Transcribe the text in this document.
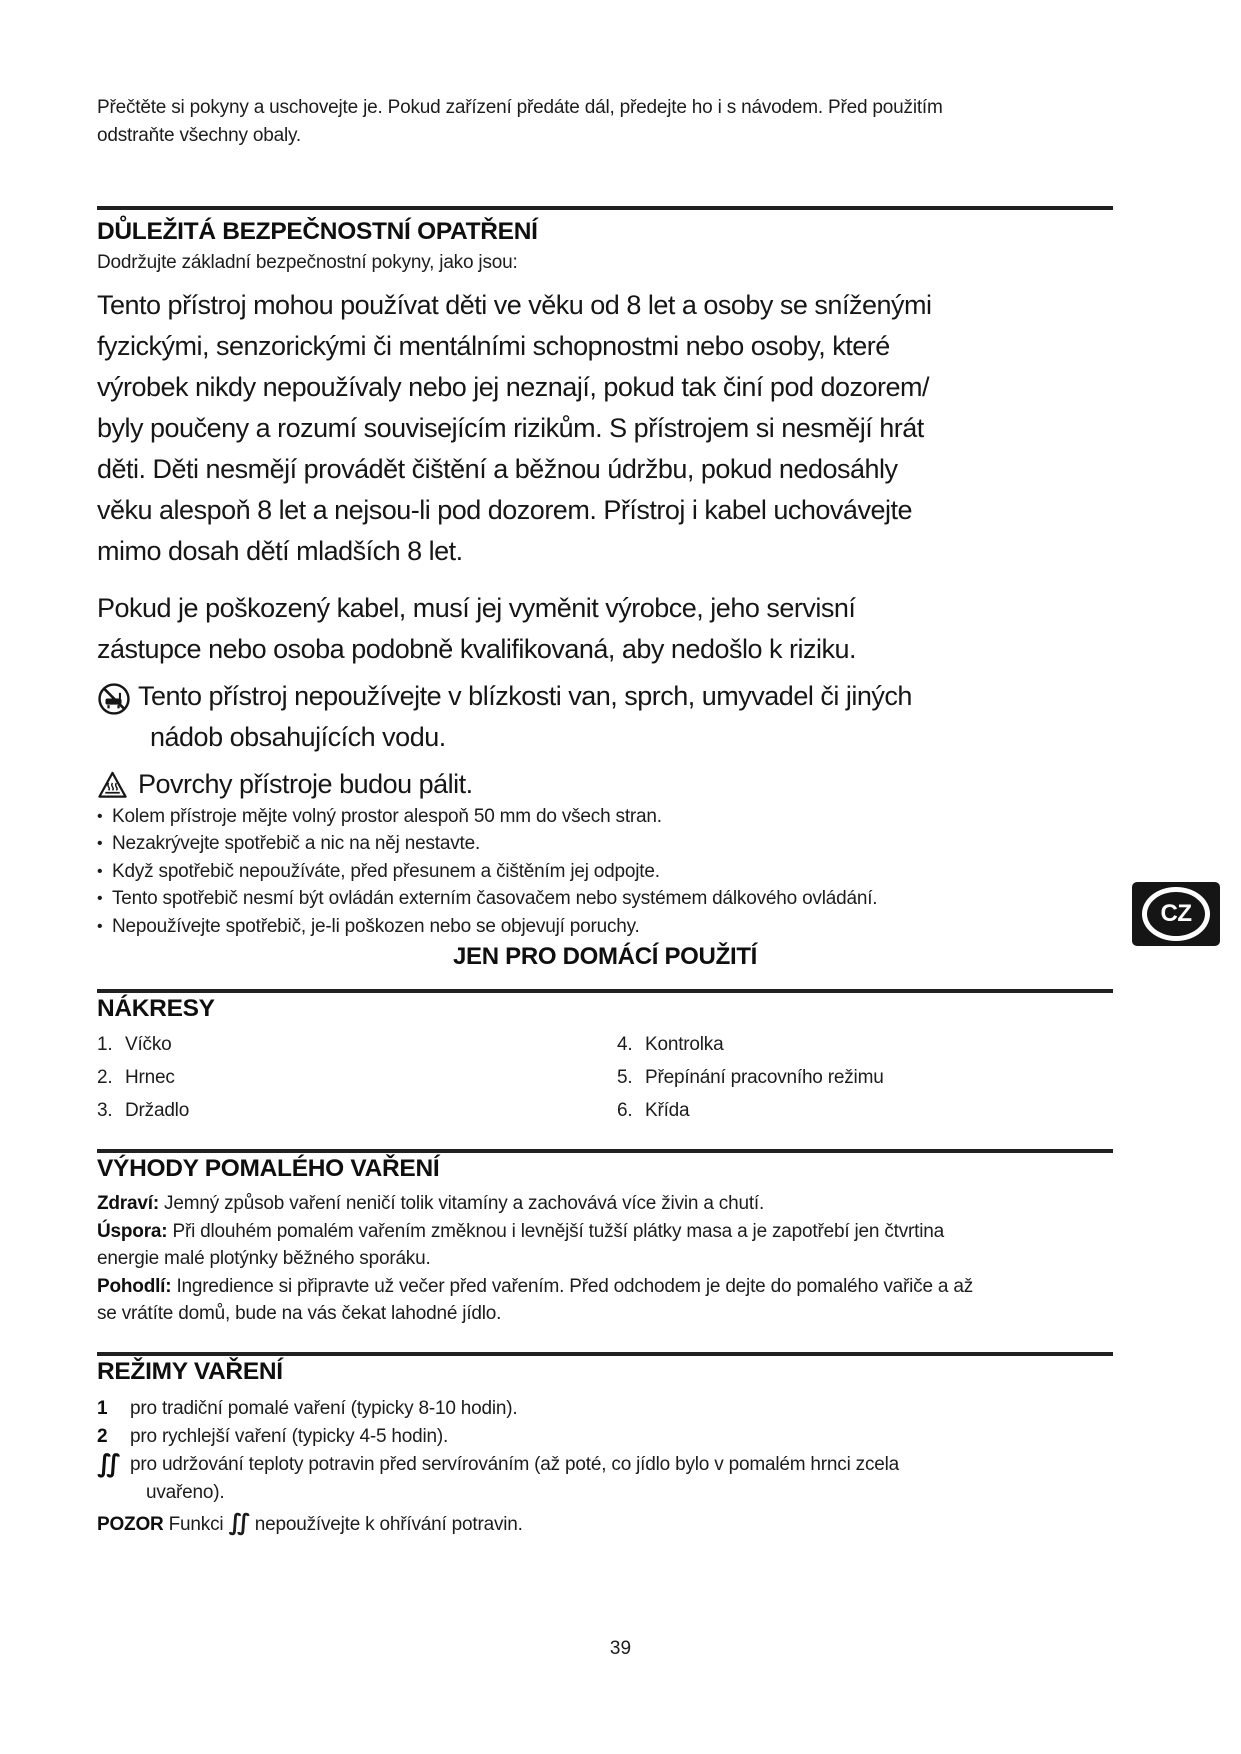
Přečtěte si pokyny a uschovejte je. Pokud zařízení předáte dál, předejte ho i s návodem. Před použitím
odstraňte všechny obaly.
DŮLEŽITÁ BEZPEČNOSTNÍ OPATŘENÍ
Dodržujte základní bezpečnostní pokyny, jako jsou:
Tento přístroj mohou používat děti ve věku od 8 let a osoby se sníženými
fyzickými, senzorickými či mentálními schopnostmi nebo osoby, které
výrobek nikdy nepoužívaly nebo jej neznají, pokud tak činí pod dozorem/
byly poučeny a rozumí souvisejícím rizikům. S přístrojem si nesmějí hrát
děti. Děti nesmějí provádět čištění a běžnou údržbu, pokud nedosáhly
věku alespoň 8 let a nejsou-li pod dozorem. Přístroj i kabel uchovávejte
mimo dosah dětí mladších 8 let.
Pokud je poškozený kabel, musí jej vyměnit výrobce, jeho servisní
zástupce nebo osoba podobně kvalifikovaná, aby nedošlo k riziku.
Tento přístroj nepoužívejte v blízkosti van, sprch, umyvadel či jiných
nádob obsahujících vodu.
Povrchy přístroje budou pálit.
• Kolem přístroje mějte volný prostor alespoň 50 mm do všech stran.
• Nezakrývejte spotřebič a nic na něj nestavte.
• Když spotřebič nepoužíváte, před přesunem a čištěním jej odpojte.
• Tento spotřebič nesmí být ovládán externím časovačem nebo systémem dálkového ovládání.
• Nepoužívejte spotřebič, je-li poškozen nebo se objevují poruchy.
JEN PRO DOMÁCÍ POUŽITÍ
NÁKRESY
1. Víčko
2. Hrnec
3. Držadlo
4. Kontrolka
5. Přepínání pracovního režimu
6. Křída
VÝHODY POMALÉHO VAŘENÍ
Zdraví: Jemný způsob vaření neničí tolik vitamíny a zachovává více živin a chutí.
Úspora: Při dlouhém pomalém vařením změknou i levnější tužší plátky masa a je zapotřebí jen čtvrtina
energie malé plotýnky běžného sporáku.
Pohodlí: Ingredience si připravte už večer před vařením. Před odchodem je dejte do pomalého vařiče a až
se vrátíte domů, bude na vás čekat lahodné jídlo.
REŽIMY VAŘENÍ
1	pro tradiční pomalé vaření (typicky 8-10 hodin).
2	pro rychlejší vaření (typicky 4-5 hodin).
∬ pro udržování teploty potravin před servírováním (až poté, co jídlo bylo v pomalém hrnci zcela
uvařeno).
POZOR Funkci ∬ nepoužívejte k ohřívání potravin.
CZ
39
